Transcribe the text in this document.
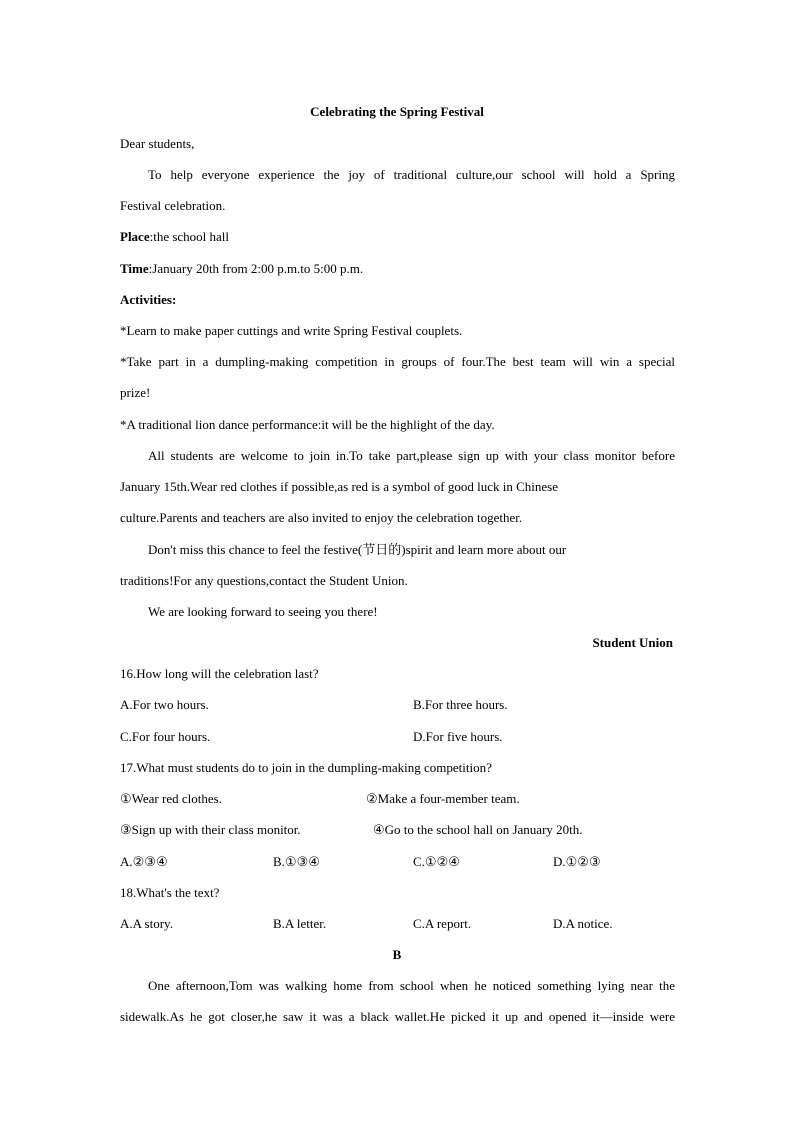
Celebrating the Spring Festival
Dear students,
To help everyone experience the joy of traditional culture,our school will hold a Spring
Festival celebration.
Place:the school hall
Time:January 20th from 2:00 p.m.to 5:00 p.m.
Activities:
*Learn to make paper cuttings and write Spring Festival couplets.
*Take part in a dumpling-making competition in groups of four.The best team will win a special
prize!
*A traditional lion dance performance:it will be the highlight of the day.
All students are welcome to join in.To take part,please sign up with your class monitor before
January 15th.Wear red clothes if possible,as red is a symbol of good luck in Chinese
culture.Parents and teachers are also invited to enjoy the celebration together.
Don't miss this chance to feel the festive(节日的)spirit and learn more about our
traditions!For any questions,contact the Student Union.
We are looking forward to seeing you there!
Student Union
16.How long will the celebration last?
A.For two hours.	B.For three hours.
C.For four hours.	D.For five hours.
17.What must students do to join in the dumpling-making competition?
①Wear red clothes.	②Make a four-member team.
③Sign up with their class monitor.	④Go to the school hall on January 20th.
A.②③④	B.①③④	C.①②④	D.①②③
18.What's the text?
A.A story.	B.A letter.	C.A report.	D.A notice.
B
One afternoon,Tom was walking home from school when he noticed something lying near the
sidewalk.As he got closer,he saw it was a black wallet.He picked it up and opened it—inside were
